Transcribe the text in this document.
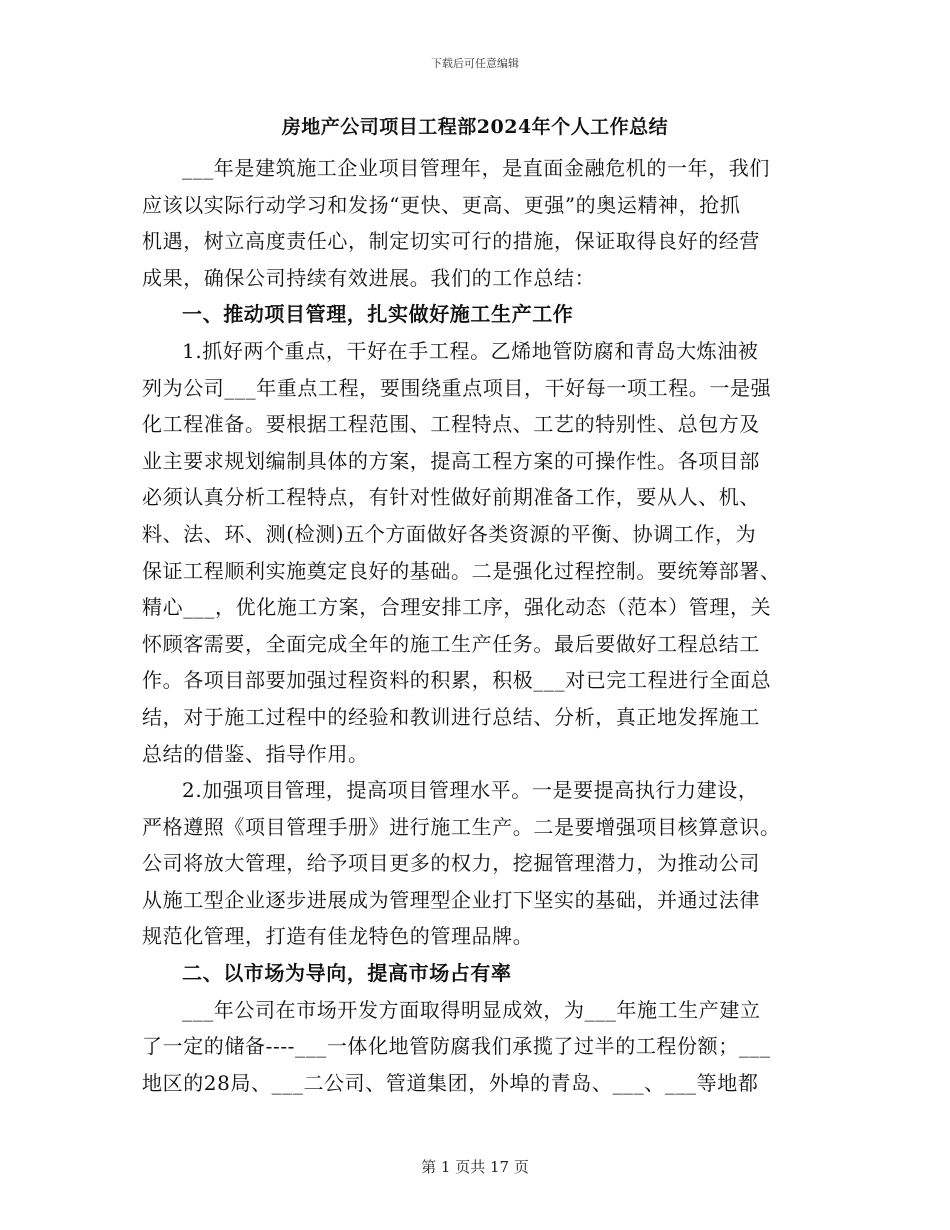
下载后可任意编辑
房地产公司项目工程部2024年个人工作总结
___年是建筑施工企业项目管理年，是直面金融危机的一年，我们
应该以实际行动学习和发扬“更快、更高、更强”的奥运精神，抢抓
机遇，树立高度责任心，制定切实可行的措施，保证取得良好的经营
成果，确保公司持续有效进展。我们的工作总结：
一、推动项目管理，扎实做好施工生产工作
1.抓好两个重点，干好在手工程。乙烯地管防腐和青岛大炼油被
列为公司___年重点工程，要围绕重点项目，干好每一项工程。一是强
化工程准备。要根据工程范围、工程特点、工艺的特别性、总包方及
业主要求规划编制具体的方案，提高工程方案的可操作性。各项目部
必须认真分析工程特点，有针对性做好前期准备工作，要从人、机、
料、法、环、测(检测)五个方面做好各类资源的平衡、协调工作，为
保证工程顺利实施奠定良好的基础。二是强化过程控制。要统筹部署、
精心___，优化施工方案，合理安排工序，强化动态（范本）管理，关
怀顾客需要，全面完成全年的施工生产任务。最后要做好工程总结工
作。各项目部要加强过程资料的积累，积极___对已完工程进行全面总
结，对于施工过程中的经验和教训进行总结、分析，真正地发挥施工
总结的借鉴、指导作用。
2.加强项目管理，提高项目管理水平。一是要提高执行力建设，
严格遵照《项目管理手册》进行施工生产。二是要增强项目核算意识。
公司将放大管理，给予项目更多的权力，挖掘管理潜力，为推动公司
从施工型企业逐步进展成为管理型企业打下坚实的基础，并通过法律
规范化管理，打造有佳龙特色的管理品牌。
二、以市场为导向，提高市场占有率
___年公司在市场开发方面取得明显成效，为___年施工生产建立
了一定的储备----___一体化地管防腐我们承揽了过半的工程份额；___
地区的28局、___二公司、管道集团，外埠的青岛、___、___等地都
第 1 页共 17 页
